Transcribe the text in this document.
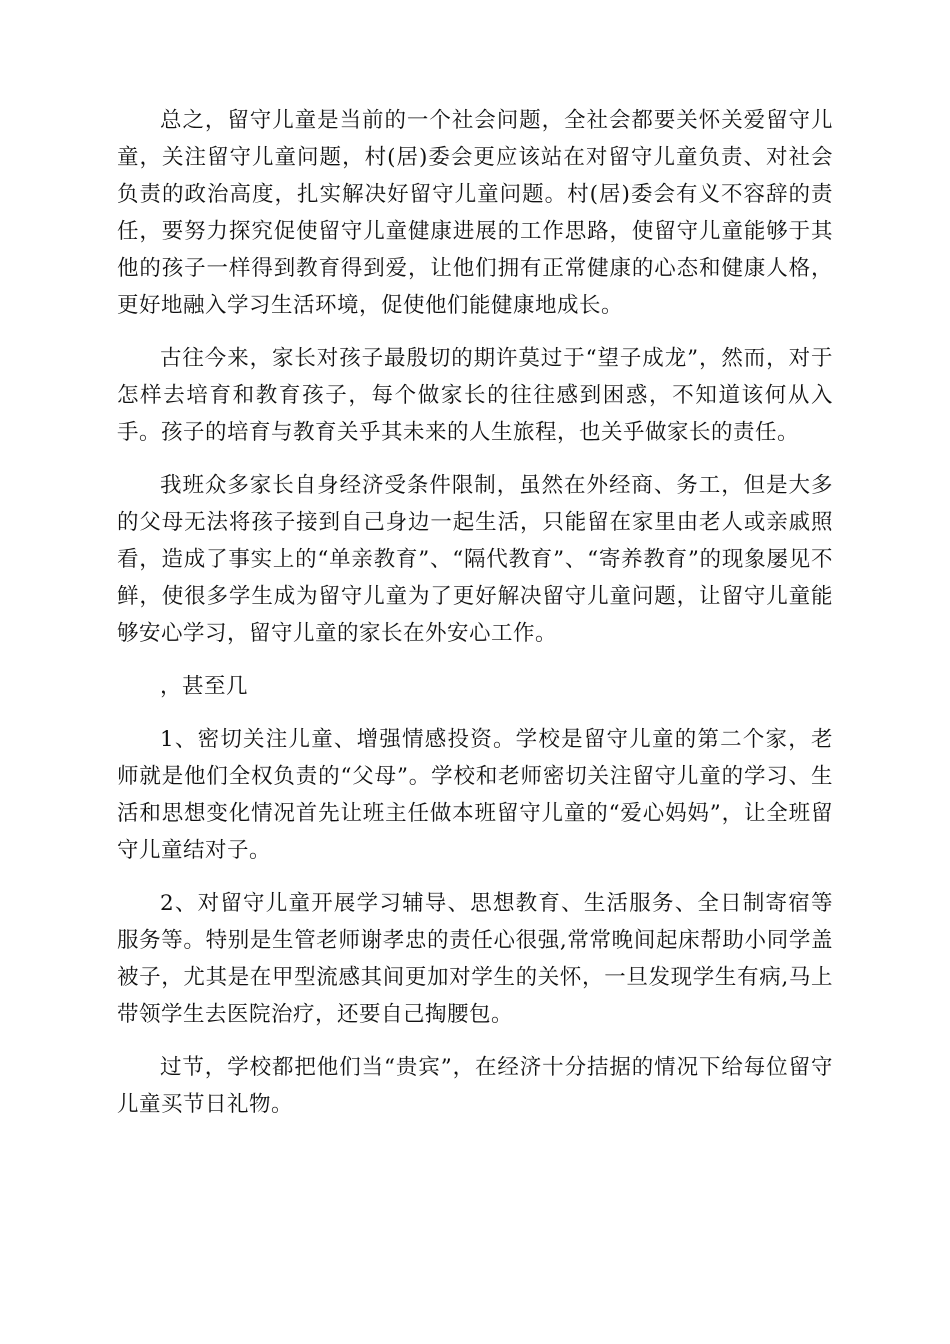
总之，留守儿童是当前的一个社会问题，全社会都要关怀关爱留守儿童，关注留守儿童问题，村(居)委会更应该站在对留守儿童负责、对社会负责的政治高度，扎实解决好留守儿童问题。村(居)委会有义不容辞的责任，要努力探究促使留守儿童健康进展的工作思路，使留守儿童能够于其他的孩子一样得到教育得到爱，让他们拥有正常健康的心态和健康人格，更好地融入学习生活环境，促使他们能健康地成长。

古往今来，家长对孩子最殷切的期许莫过于“望子成龙”，然而，对于怎样去培育和教育孩子，每个做家长的往往感到困惑，不知道该何从入手。孩子的培育与教育关乎其未来的人生旅程，也关乎做家长的责任。

我班众多家长自身经济受条件限制，虽然在外经商、务工，但是大多的父母无法将孩子接到自己身边一起生活，只能留在家里由老人或亲戚照看，造成了事实上的“单亲教育”、“隔代教育”、“寄养教育”的现象屡见不鲜，使很多学生成为留守儿童为了更好解决留守儿童问题，让留守儿童能够安心学习，留守儿童的家长在外安心工作。

，甚至几

1、密切关注儿童、增强情感投资。学校是留守儿童的第二个家，老师就是他们全权负责的“父母”。学校和老师密切关注留守儿童的学习、生活和思想变化情况首先让班主任做本班留守儿童的“爱心妈妈”，让全班留守儿童结对子。

2、对留守儿童开展学习辅导、思想教育、生活服务、全日制寄宿等服务等。特别是生管老师谢孝忠的责任心很强,常常晚间起床帮助小同学盖被子，尤其是在甲型流感其间更加对学生的关怀，一旦发现学生有病,马上带领学生去医院治疗，还要自己掏腰包。

过节，学校都把他们当“贵宾”，在经济十分拮据的情况下给每位留守儿童买节日礼物。
